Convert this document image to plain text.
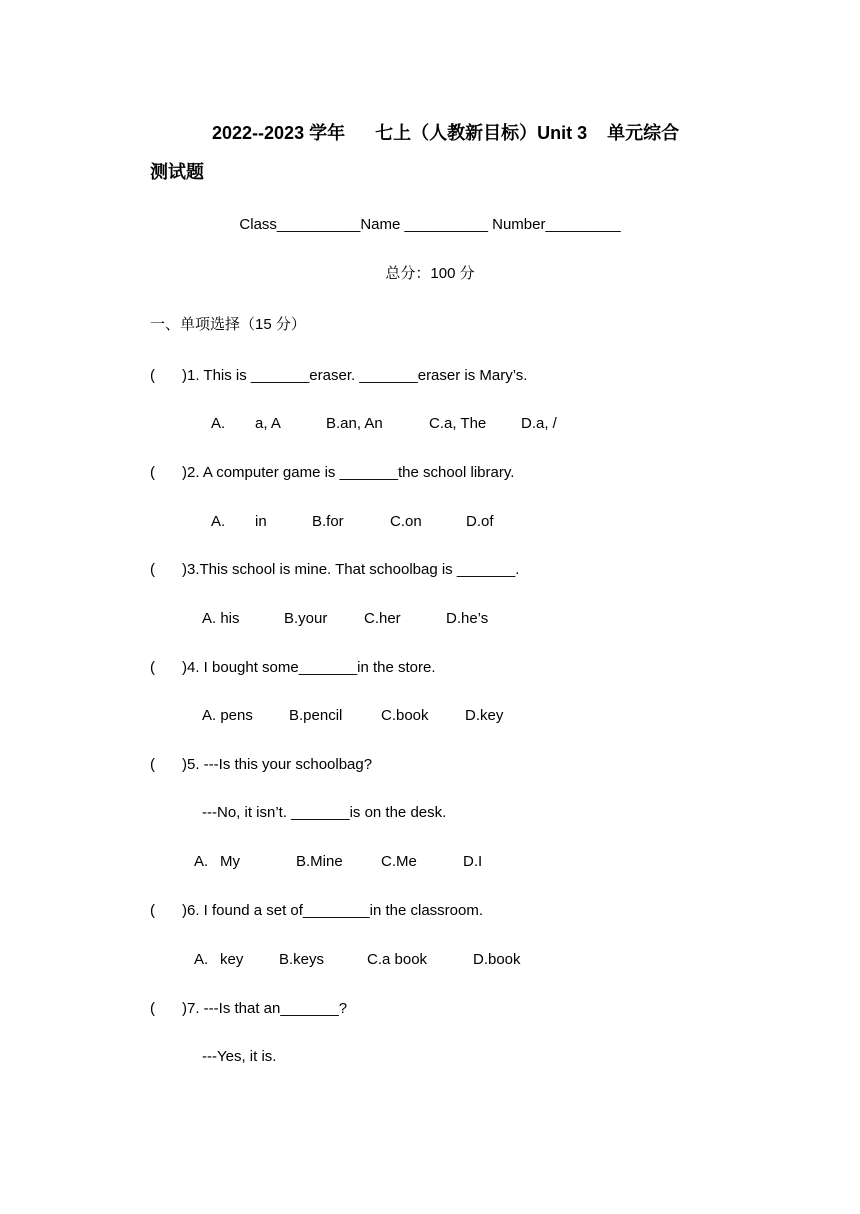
2022--2023 学年      七上（人教新目标）Unit 3    单元综合
测试题
Class__________Name __________ Number_________
总分：100 分
一、单项选择（15 分）
( )1. This is _______eraser. _______eraser is Mary’s.
A. a, A	B.an, An	C.a, The D.a, /
( )2. A computer game is _______the school library.
A. in	B.for	C.on	D.of
( )3.This school is mine. That schoolbag is _______.
A. his	B.your C.her	D.he’s
( )4. I bought some_______in the store.
A. pens B.pencil	C.book D.key
( )5. ---Is this your schoolbag?
---No, it isn’t. _______is on the desk.
A. My	B.Mine	C.Me	D.I
( )6. I found a set of________in the classroom.
A. key B.keys	C.a book	D.book
( )7. ---Is that an_______?
---Yes, it is.
